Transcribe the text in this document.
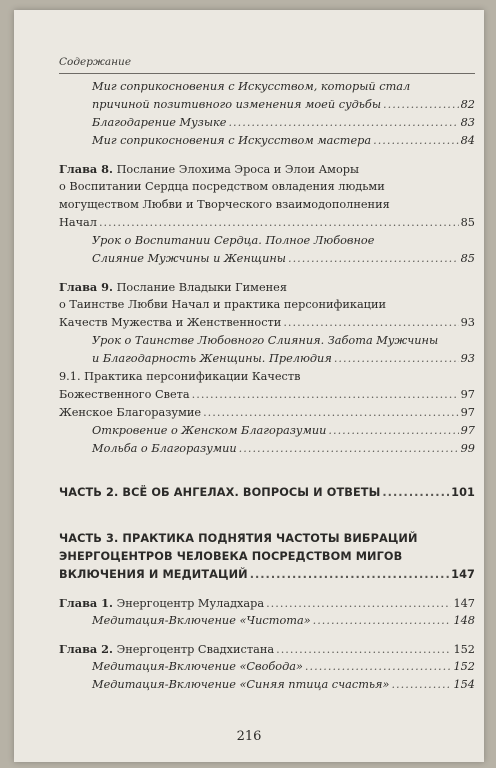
Содержание
Миг соприкосновения с Искусством, который стал
причиной позитивного изменения моей судьбы .....	82
Благодарение Музыке .....	83
Миг соприкосновения с Искусством мастера .....	84
Глава 8. Послание Элохима Эроса и Элои Аморы
о Воспитании Сердца посредством овладения людьми
могуществом Любви и Творческого взаимодополнения
Начал .....	85
Урок о Воспитании Сердца. Полное Любовное
Слияние Мужчины и Женщины .....	85
Глава 9. Послание Владыки Гименея
о Таинстве Любви Начал и практика персонификации
Качеств Мужества и Женственности .....	93
Урок о Таинстве Любовного Слияния. Забота Мужчины
и Благодарность Женщины. Прелюдия .....	93
9.1. Практика персонификации Качеств
Божественного Света .....	97
Женское Благоразумие .....	97
Откровение о Женском Благоразумии .....	97
Мольба о Благоразумии .....	99
ЧАСТЬ 2. ВСЁ ОБ АНГЕЛАХ. ВОПРОСЫ И ОТВЕТЫ .....	101
ЧАСТЬ 3. ПРАКТИКА ПОДНЯТИЯ ЧАСТОТЫ ВИБРАЦИЙ
ЭНЕРГОЦЕНТРОВ ЧЕЛОВЕКА ПОСРЕДСТВОМ МИГОВ
ВКЛЮЧЕНИЯ И МЕДИТАЦИЙ .....	147
Глава 1. Энергоцентр Муладхара .....	147
Медитация-Включение «Чистота» .....	148
Глава 2. Энергоцентр Свадхистана .....	152
Медитация-Включение «Свобода» .....	152
Медитация-Включение «Синяя птица счастья» .....	154
216
